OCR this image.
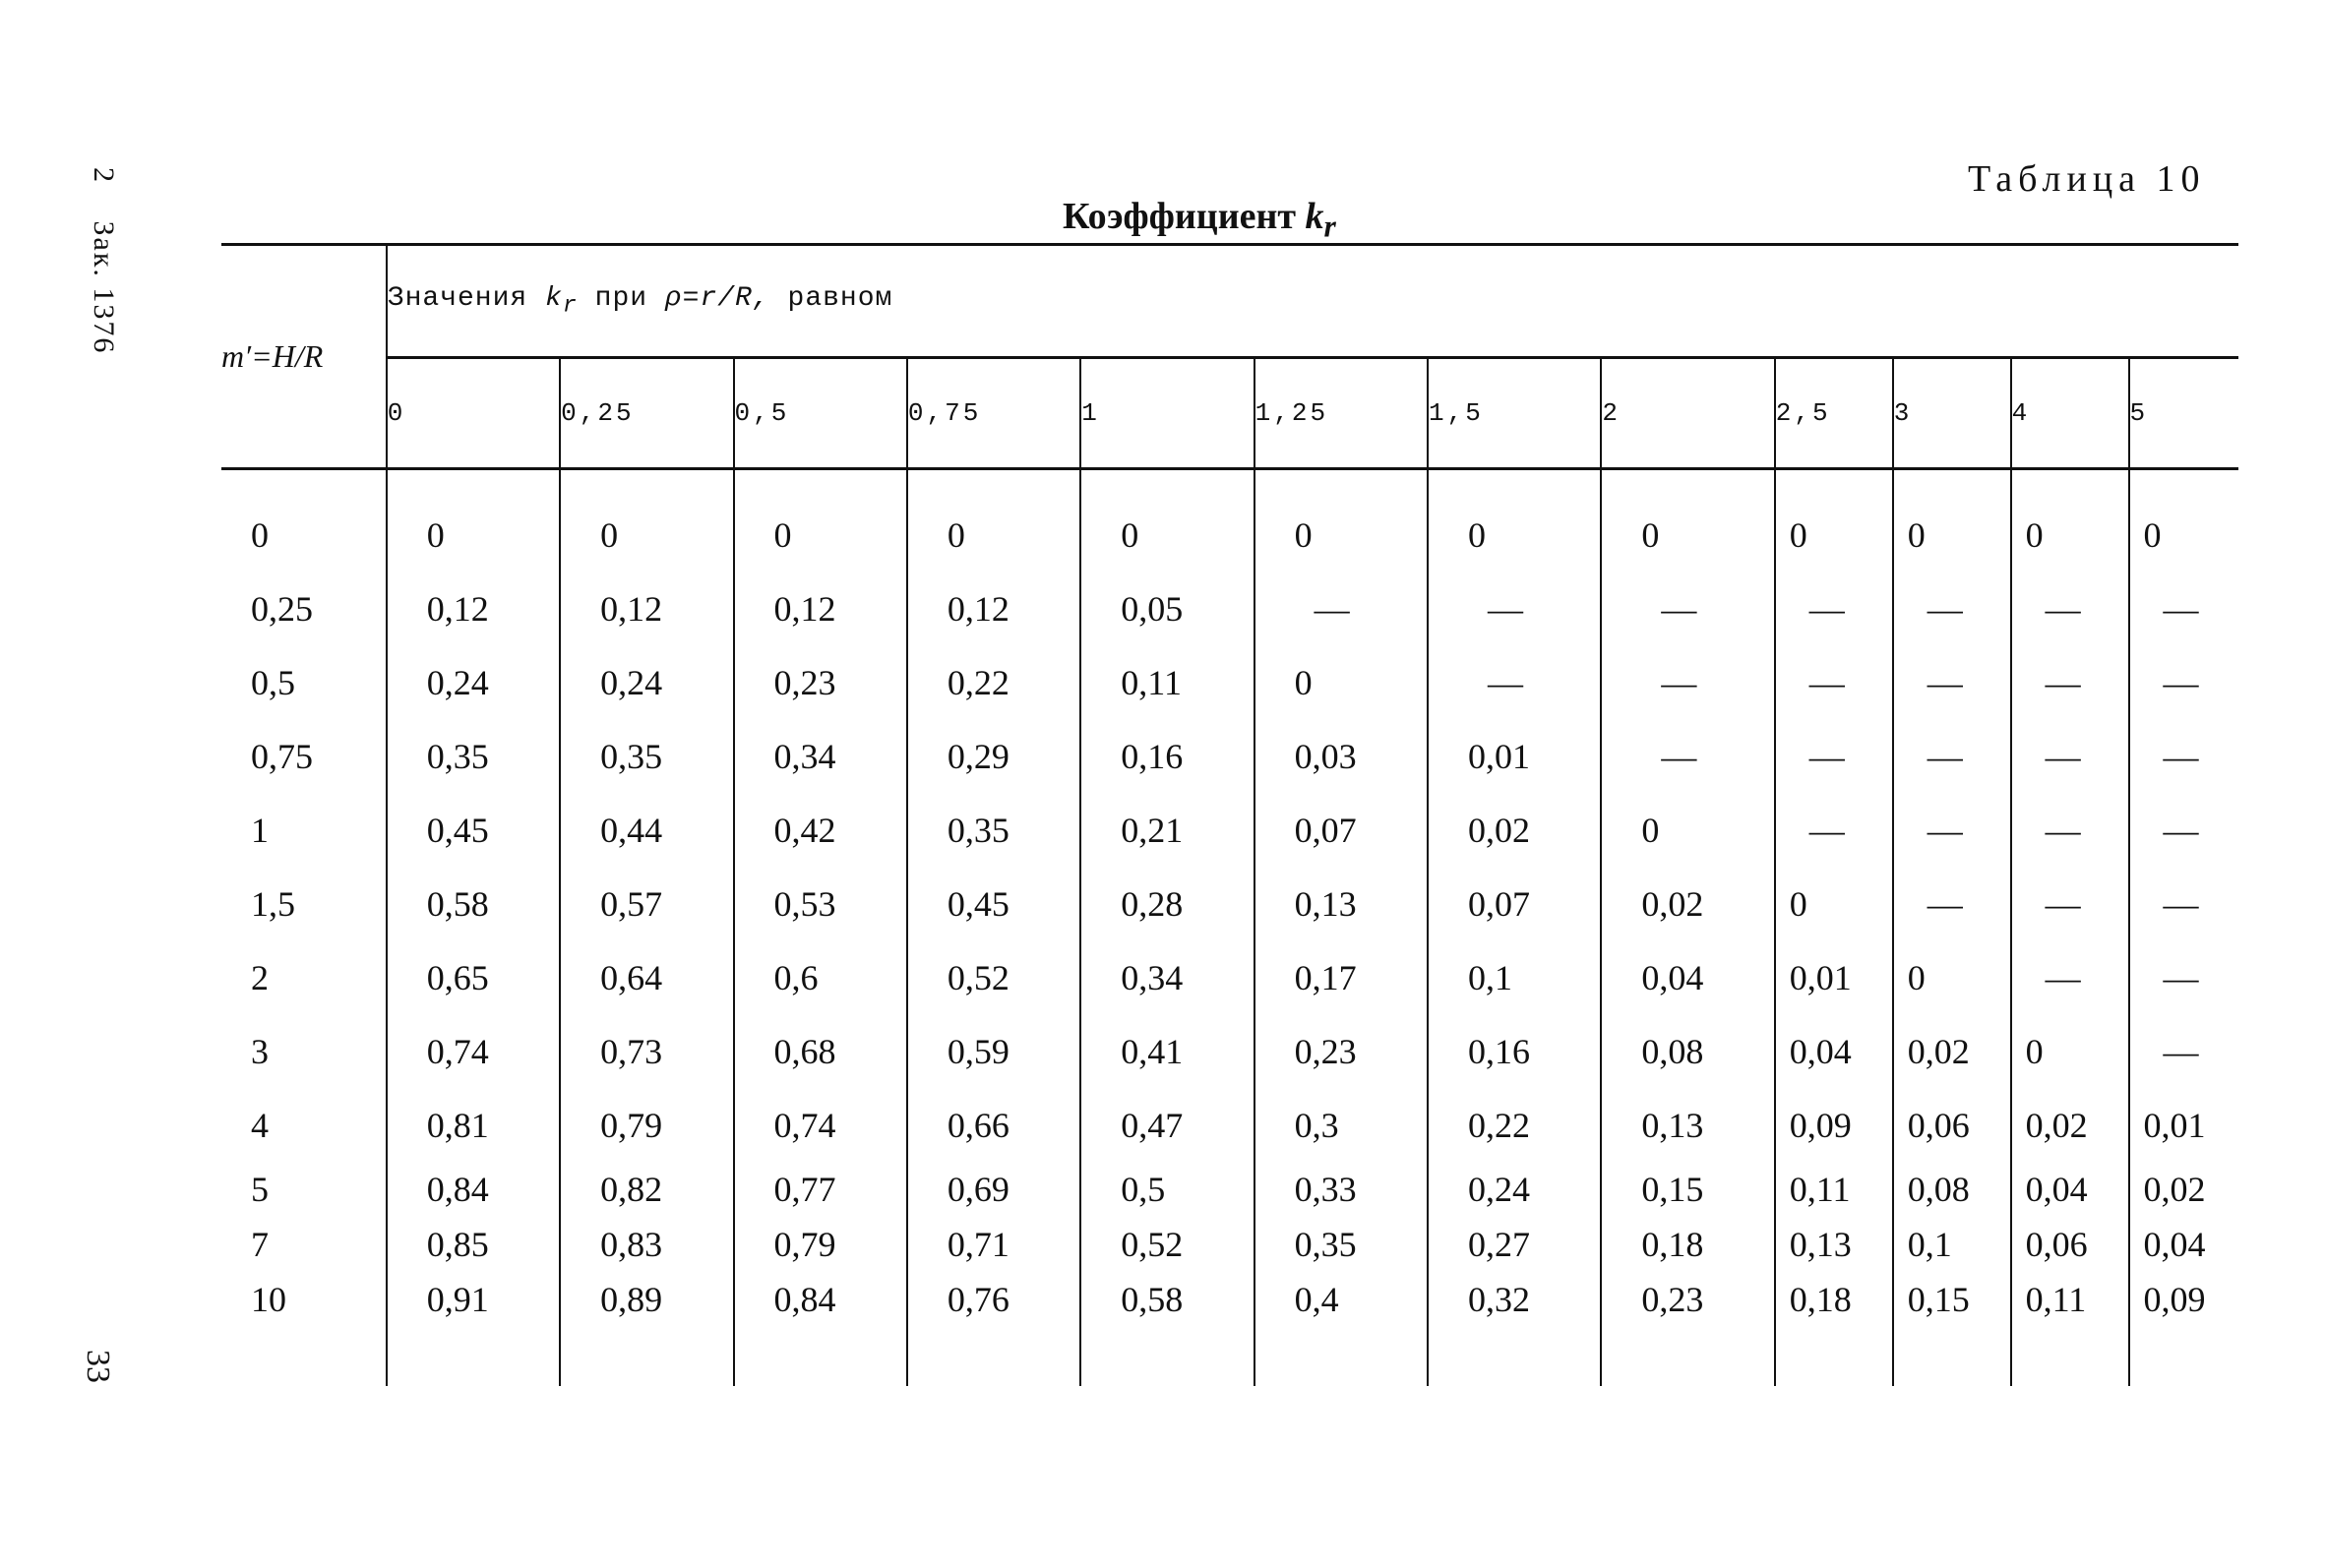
2 Зак. 1376
33
Таблица 10
Коэффициент $k_r$
m′=H/R	Значения $k_r$ при ρ=r/R, равном											
	0	0,25	0,5	0,75	1	1,25	1,5	2	2,5	3	4	5
0	0	0	0	0	0	0	0	0	0	0	0	0
0,25	0,12	0,12	0,12	0,12	0,05	—	—	—	—	—	—	—
0,5	0,24	0,24	0,23	0,22	0,11	0	—	—	—	—	—	—
0,75	0,35	0,35	0,34	0,29	0,16	0,03	0,01	—	—	—	—	—
1	0,45	0,44	0,42	0,35	0,21	0,07	0,02	0	—	—	—	—
1,5	0,58	0,57	0,53	0,45	0,28	0,13	0,07	0,02	0	—	—	—
2	0,65	0,64	0,6	0,52	0,34	0,17	0,1	0,04	0,01	0	—	—
3	0,74	0,73	0,68	0,59	0,41	0,23	0,16	0,08	0,04	0,02	0	—
4	0,81	0,79	0,74	0,66	0,47	0,3	0,22	0,13	0,09	0,06	0,02	0,01
5	0,84	0,82	0,77	0,69	0,5	0,33	0,24	0,15	0,11	0,08	0,04	0,02
7	0,85	0,83	0,79	0,71	0,52	0,35	0,27	0,18	0,13	0,1	0,06	0,04
10	0,91	0,89	0,84	0,76	0,58	0,4	0,32	0,23	0,18	0,15	0,11	0,09
